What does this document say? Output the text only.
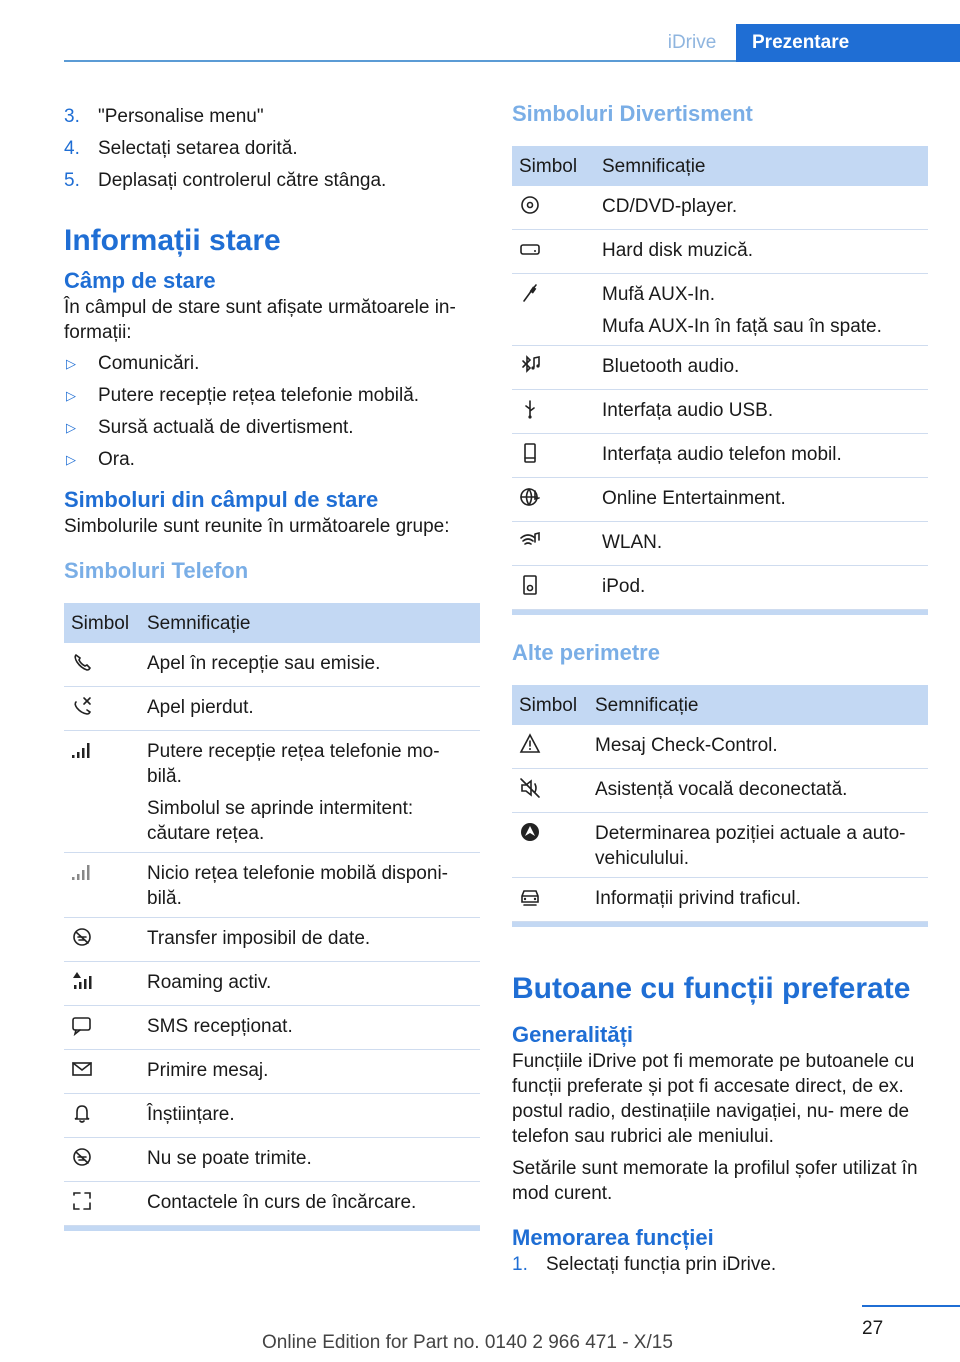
iDrive	Prezentare
3. "Personalise menu"
4. Selectați setarea dorită.
5. Deplasați controlerul către stânga.
Informații stare
Câmp de stare

În câmpul de stare sunt afișate următoarele in- formații:

▷ Comunicări.
▷ Putere recepție rețea telefonie mobilă.
▷ Sursă actuală de divertisment.
▷ Ora.
Simboluri din câmpul de stare

Simbolurile sunt reunite în următoarele grupe:

Simboluri Telefon
Simbol	Semnificație

Apel în recepție sau emisie.

Apel pierdut.

Putere recepție rețea telefonie mo- bilă.

Simbolul se aprinde intermitent: căutare rețea.

Nicio rețea telefonie mobilă disponi- bilă.

Transfer imposibil de date.

Roaming activ.

SMS recepționat.

Primire mesaj.

Înștiințare.

Nu se poate trimite.

Contactele în curs de încărcare.

Simboluri Divertisment
Simbol	Semnificație

CD/DVD-player.

Hard disk muzică.

Mufă AUX-In.

Mufa AUX-In în față sau în spate.

Bluetooth audio.

Interfața audio USB.

Interfața audio telefon mobil.

Online Entertainment.

WLAN.

iPod.

Alte perimetre
Simbol	Semnificație

Mesaj Check-Control.

Asistență vocală deconectată.

Determinarea poziției actuale a auto- vehiculului.

Informații privind traficul.

Butoane cu funcții preferate
Generalități

Funcțiile iDrive pot fi memorate pe butoanele cu funcții preferate și pot fi accesate direct, de ex. postul radio, destinațiile navigației, nu- mere de telefon sau rubrici ale meniului.

Setările sunt memorate la profilul șofer utilizat în mod curent.

Memorarea funcției
1. Selectați funcția prin iDrive.
27
Online Edition for Part no. 0140 2 966 471 - X/15
